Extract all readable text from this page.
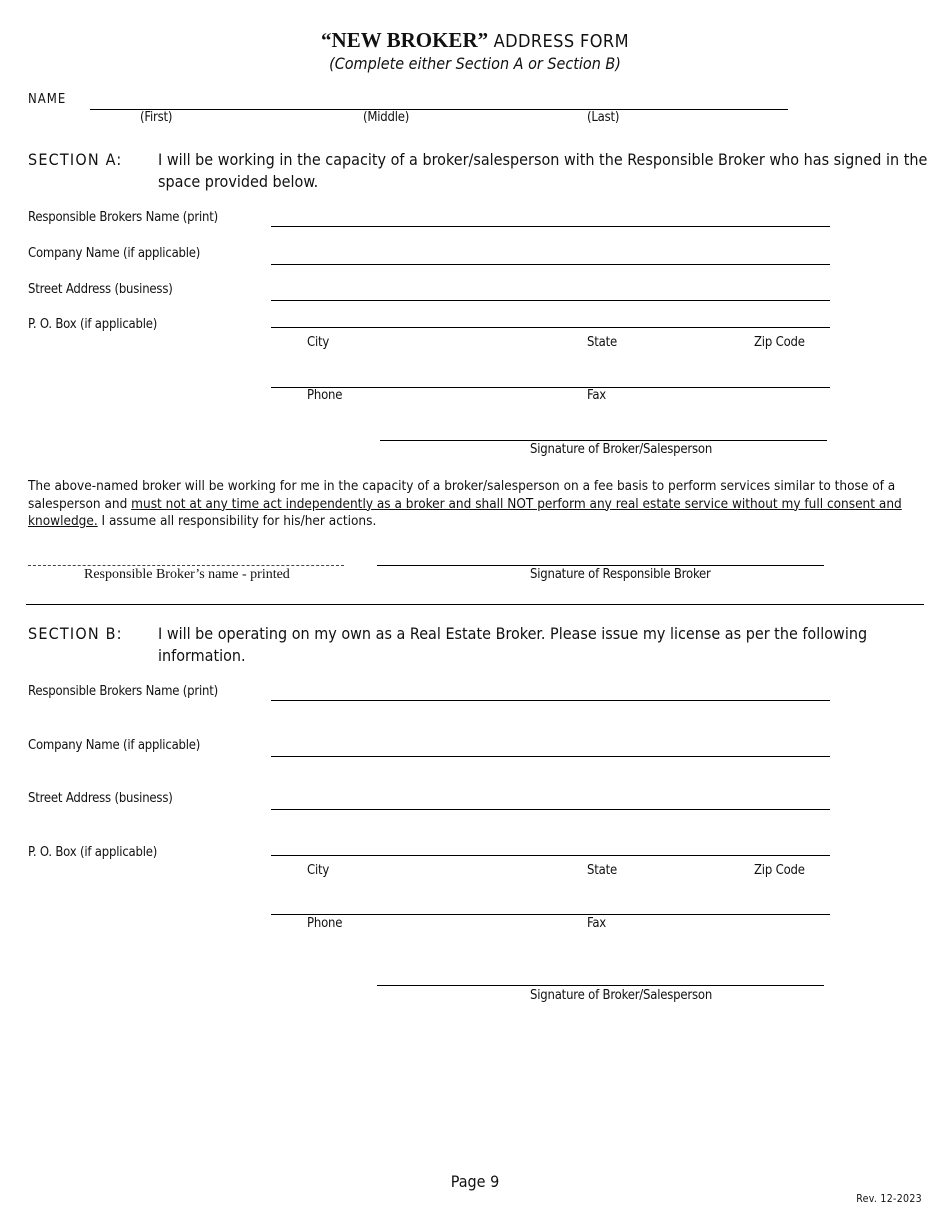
“NEW BROKER” ADDRESS FORM
(Complete either Section A or Section B)
NAME
(First)	(Middle)	(Last)
SECTION A: I will be working in the capacity of a broker/salesperson with the Responsible Broker who has signed in the space provided below.
Responsible Brokers Name (print)
Company Name (if applicable)
Street Address (business)
P. O. Box (if applicable)
City	State	Zip Code
Phone	Fax
Signature of Broker/Salesperson
The above-named broker will be working for me in the capacity of a broker/salesperson on a fee basis to perform services similar to those of a salesperson and must not at any time act independently as a broker and shall NOT perform any real estate service without my full consent and knowledge. I assume all responsibility for his/her actions.
Responsible Broker’s name - printed	Signature of Responsible Broker
SECTION B: I will be operating on my own as a Real Estate Broker. Please issue my license as per the following information.
Responsible Brokers Name (print)
Company Name (if applicable)
Street Address (business)
P. O. Box (if applicable)
City	State	Zip Code
Phone	Fax
Signature of Broker/Salesperson
Page 9
Rev. 12-2023
